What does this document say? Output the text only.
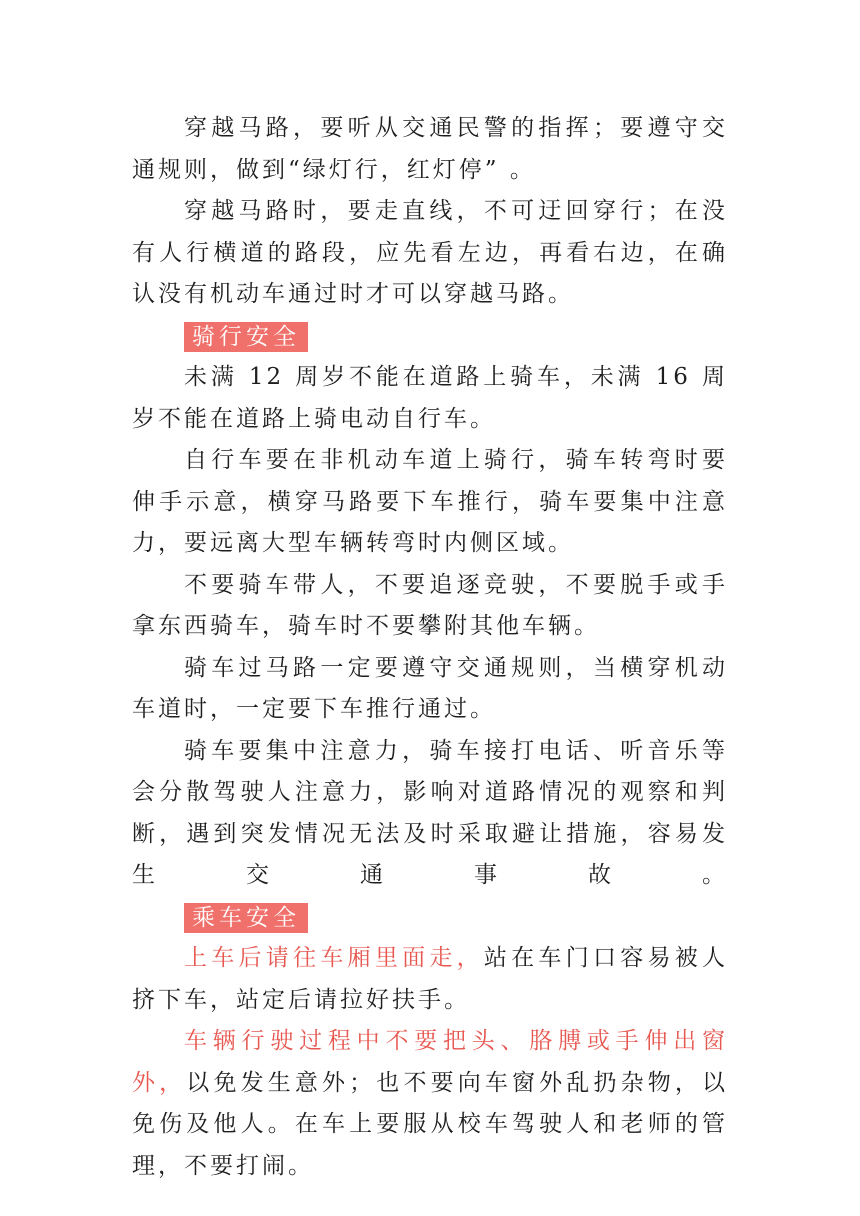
穿越马路，要听从交通民警的指挥；要遵守交通规则，做到“绿灯行，红灯停” 。

穿越马路时，要走直线，不可迂回穿行；在没有人行横道的路段，应先看左边，再看右边，在确认没有机动车通过时才可以穿越马路。

骑行安全

未满 12 周岁不能在道路上骑车，未满 16 周岁不能在道路上骑电动自行车。

自行车要在非机动车道上骑行，骑车转弯时要伸手示意，横穿马路要下车推行，骑车要集中注意力，要远离大型车辆转弯时内侧区域。

不要骑车带人，不要追逐竞驶，不要脱手或手拿东西骑车，骑车时不要攀附其他车辆。

骑车过马路一定要遵守交通规则，当横穿机动车道时，一定要下车推行通过。

骑车要集中注意力，骑车接打电话、听音乐等会分散驾驶人注意力，影响对道路情况的观察和判断，遇到突发情况无法及时采取避让措施，容易发生交通事故。

乘车安全

上车后请往车厢里面走，站在车门口容易被人挤下车，站定后请拉好扶手。

车辆行驶过程中不要把头、胳膊或手伸出窗外，以免发生意外；也不要向车窗外乱扔杂物，以免伤及他人。在车上要服从校车驾驶人和老师的管理，不要打闹。
